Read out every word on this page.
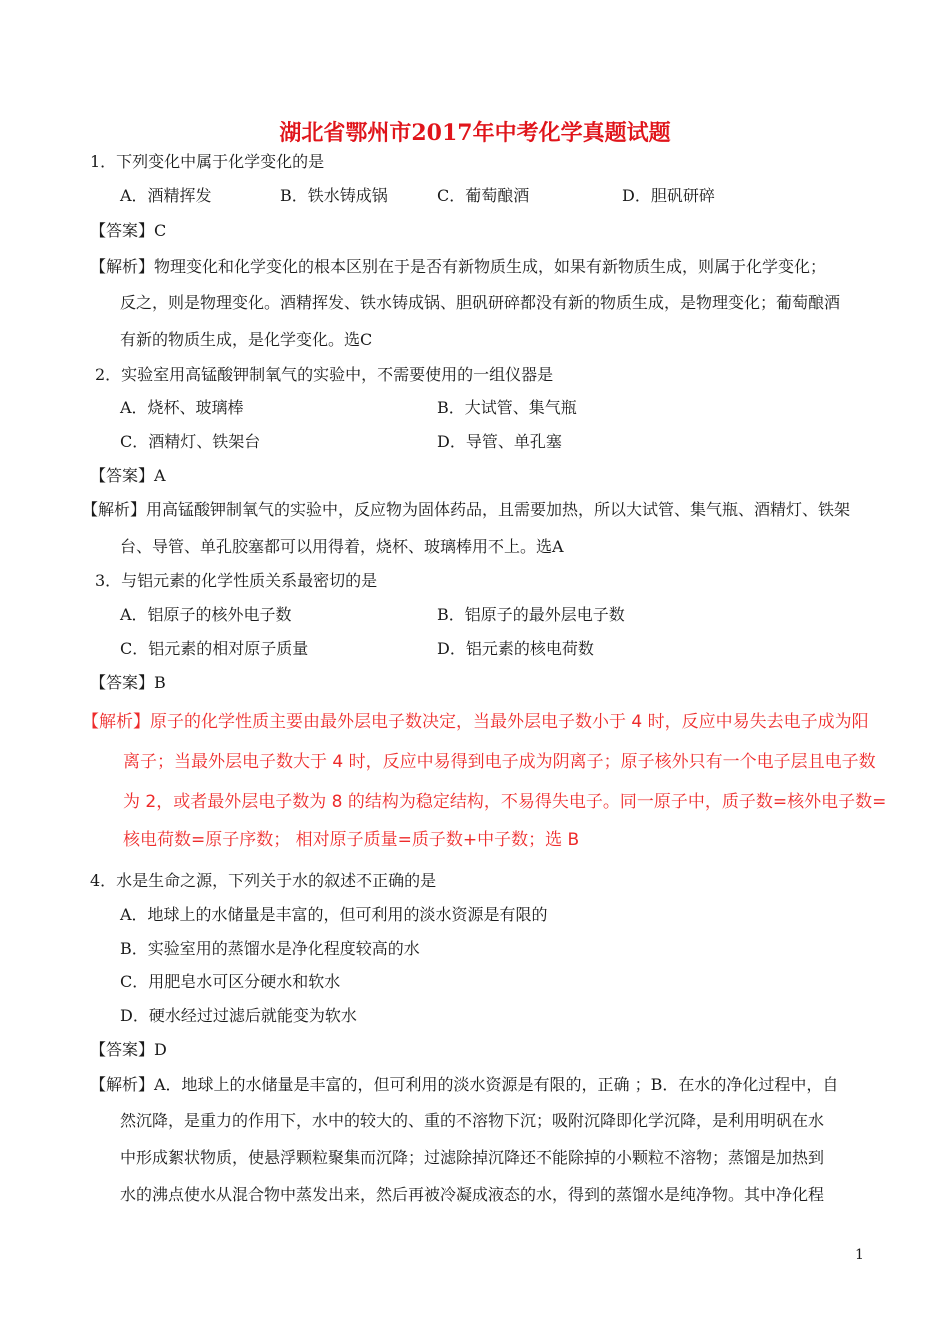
湖北省鄂州市2017年中考化学真题试题
1．下列变化中属于化学变化的是
A．酒精挥发	B．铁水铸成锅	C．葡萄酿酒	D．胆矾研碎
【答案】C
【解析】物理变化和化学变化的根本区别在于是否有新物质生成，如果有新物质生成，则属于化学变化；
反之，则是物理变化。酒精挥发、铁水铸成锅、胆矾研碎都没有新的物质生成，是物理变化；葡萄酿酒
有新的物质生成，是化学变化。选C
2．实验室用高锰酸钾制氧气的实验中，不需要使用的一组仪器是
A．烧杯、玻璃棒	B．大试管、集气瓶
C．酒精灯、铁架台	D．导管、单孔塞
【答案】A
【解析】用高锰酸钾制氧气的实验中，反应物为固体药品，且需要加热，所以大试管、集气瓶、酒精灯、铁架
台、导管、单孔胶塞都可以用得着，烧杯、玻璃棒用不上。选A
3．与铝元素的化学性质关系最密切的是
A．铝原子的核外电子数	B．铝原子的最外层电子数
C．铝元素的相对原子质量	D．铝元素的核电荷数
【答案】B
【解析】原子的化学性质主要由最外层电子数决定，当最外层电子数小于 4 时，反应中易失去电子成为阳
离子；当最外层电子数大于 4 时，反应中易得到电子成为阴离子；原子核外只有一个电子层且电子数
为 2，或者最外层电子数为 8 的结构为稳定结构，不易得失电子。同一原子中，质子数=核外电子数=
核电荷数=原子序数； 相对原子质量=质子数+中子数；选 B
4．水是生命之源，下列关于水的叙述不正确的是
A．地球上的水储量是丰富的，但可利用的淡水资源是有限的
B．实验室用的蒸馏水是净化程度较高的水
C．用肥皂水可区分硬水和软水
D．硬水经过过滤后就能变为软水
【答案】D
【解析】A．地球上的水储量是丰富的，但可利用的淡水资源是有限的，正确 ；B．在水的净化过程中，自
然沉降，是重力的作用下，水中的较大的、重的不溶物下沉；吸附沉降即化学沉降，是利用明矾在水
中形成絮状物质，使悬浮颗粒聚集而沉降；过滤除掉沉降还不能除掉的小颗粒不溶物；蒸馏是加热到
水的沸点使水从混合物中蒸发出来，然后再被冷凝成液态的水，得到的蒸馏水是纯净物。其中净化程
1
